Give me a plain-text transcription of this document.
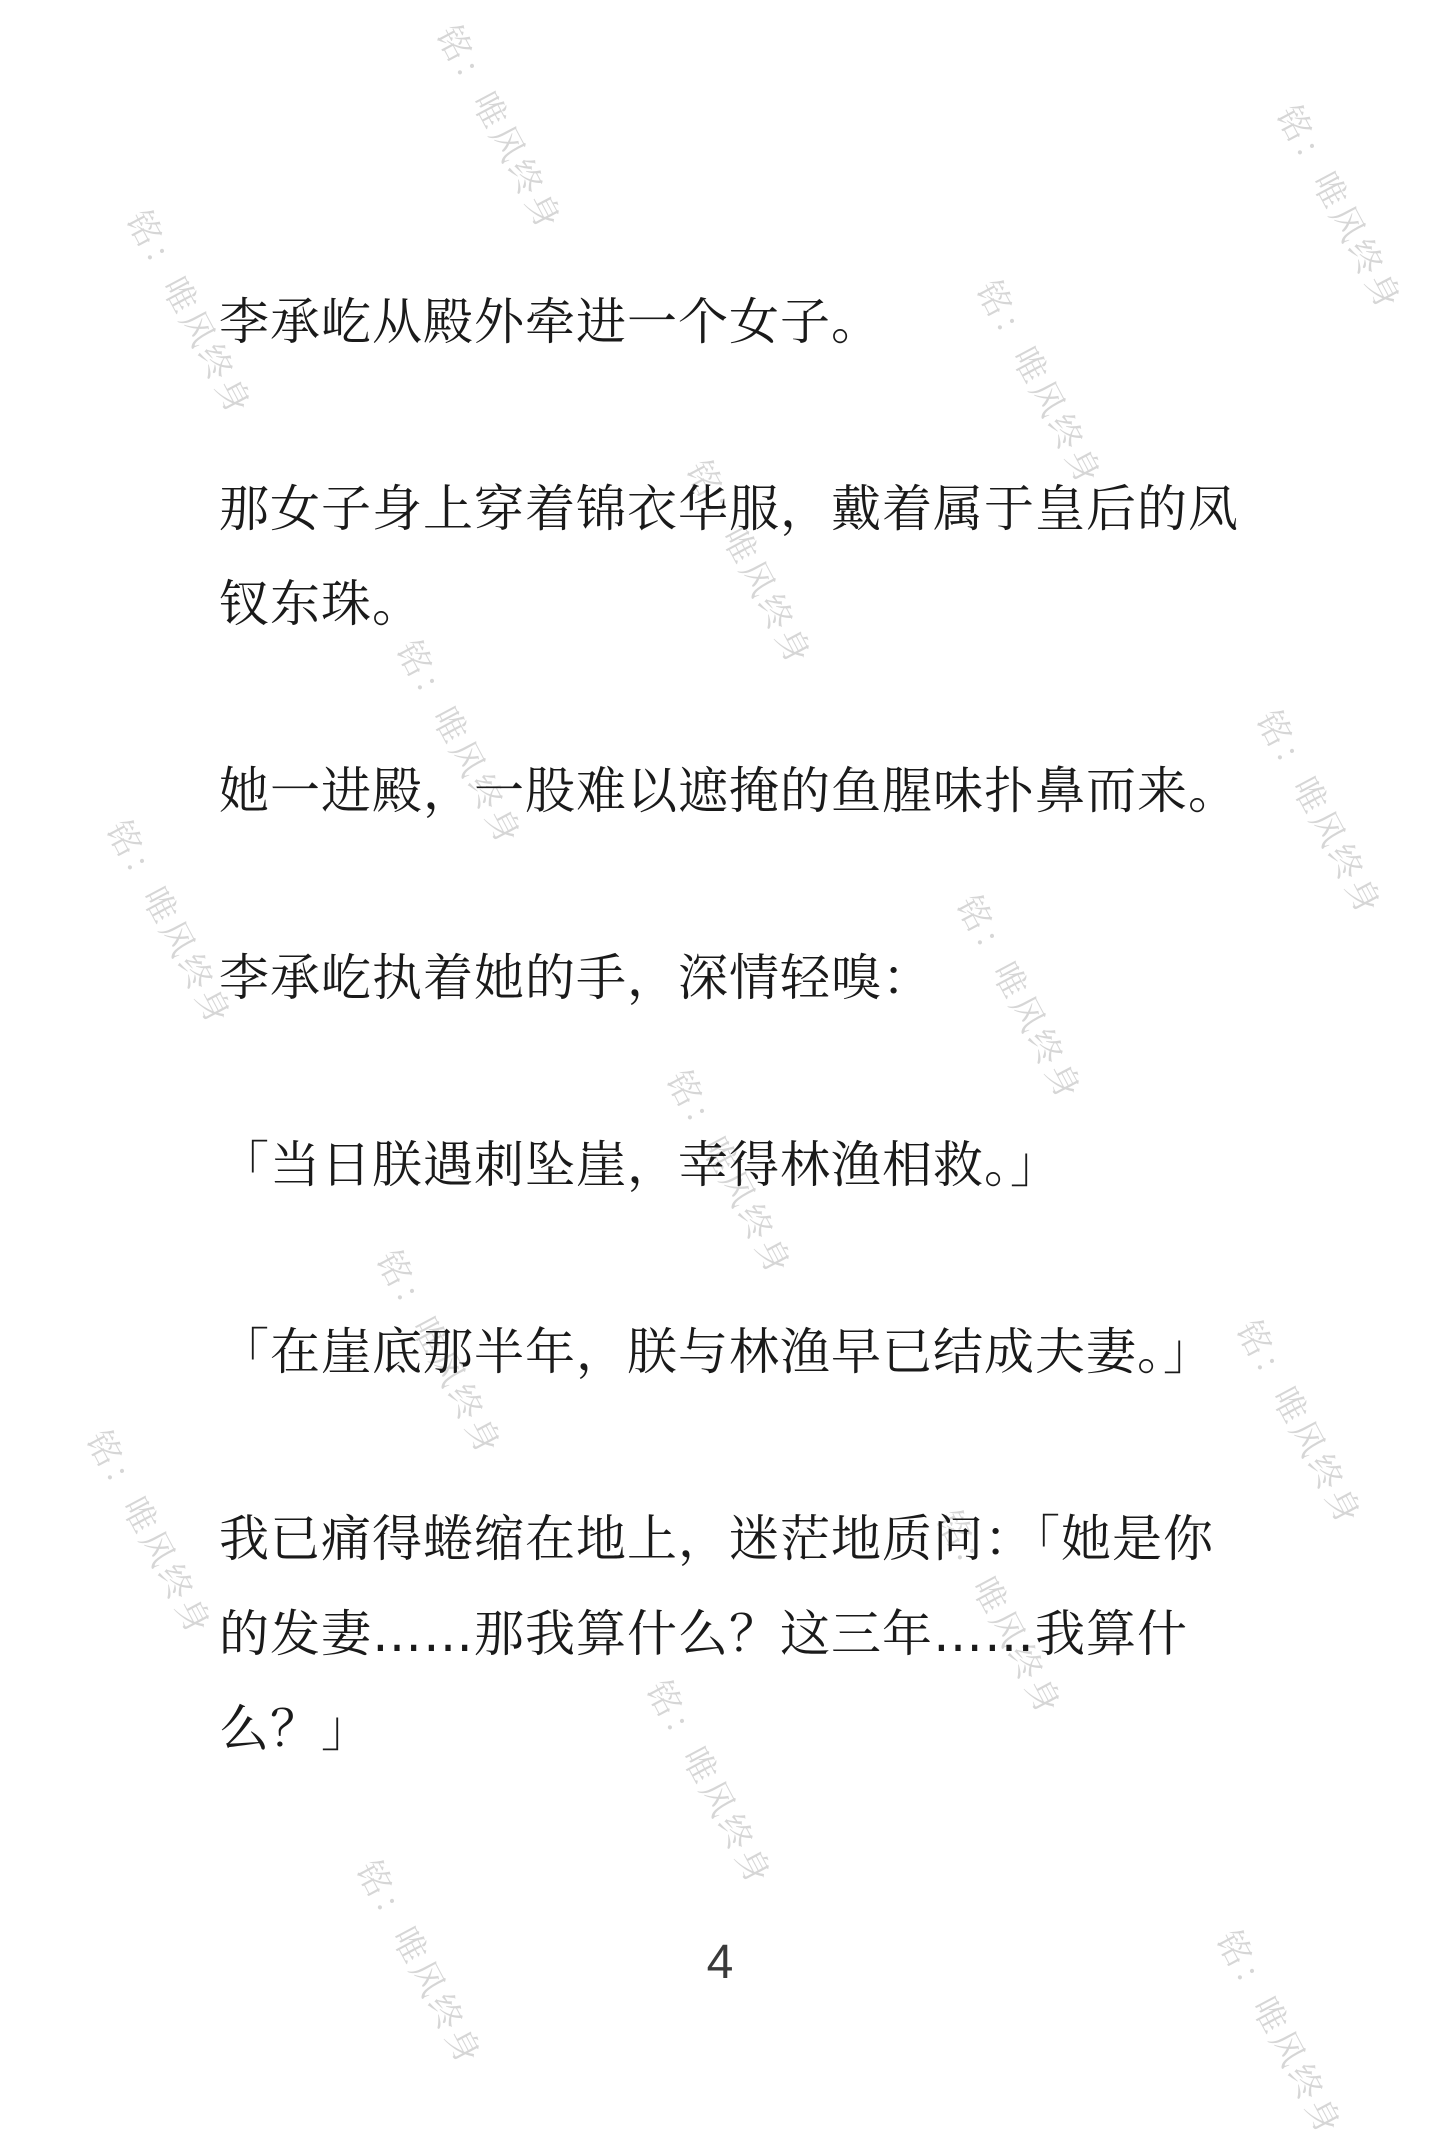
铭：唯风终身	铭：唯风终身
铭：唯风终身	铭：唯风终身
铭：唯风终身
铭：唯风终身	铭：唯风终身
铭：唯风终身	铭：唯风终身
铭：唯风终身
铭：唯风终身	铭：唯风终身
铭：唯风终身	铭：唯风终身
铭：唯风终身
铭：唯风终身	铭：唯风终身

李承屹从殿外牵进一个女子。

那女子身上穿着锦衣华服，戴着属于皇后的凤钗东珠。

她一进殿，一股难以遮掩的鱼腥味扑鼻而来。

李承屹执着她的手，深情轻嗅：

「当日朕遇刺坠崖，幸得林渔相救。」

「在崖底那半年，朕与林渔早已结成夫妻。」

我已痛得蜷缩在地上，迷茫地质问：「她是你的发妻……那我算什么？这三年……我算什么？」

4
